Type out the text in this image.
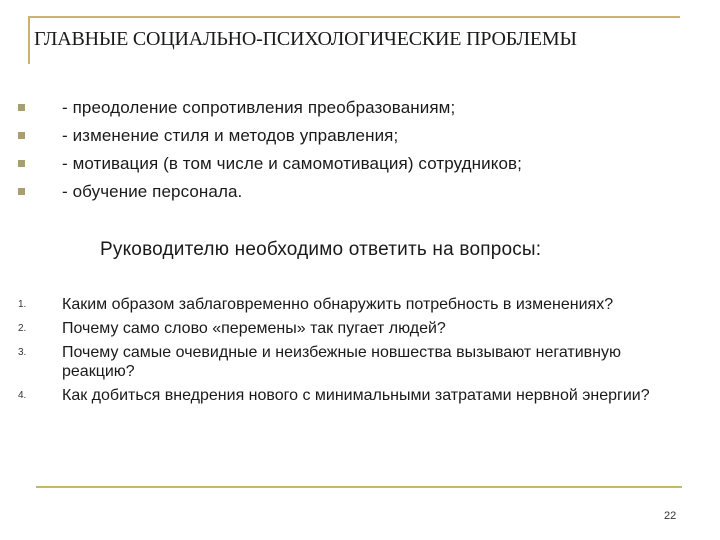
ГЛАВНЫЕ СОЦИАЛЬНО-ПСИХОЛОГИЧЕСКИЕ ПРОБЛЕМЫ
- преодоление сопротивления преобразованиям;
- изменение стиля и методов управления;
- мотивация (в том числе и самомотивация) сотрудников;
- обучение персонала.
Руководителю необходимо ответить на вопросы:
1. Каким образом заблаговременно обнаружить потребность в изменениях?
2. Почему само слово «перемены» так пугает людей?
3. Почему самые очевидные и неизбежные новшества вызывают негативную реакцию?
4. Как добиться внедрения нового с минимальными затратами нервной энергии?
22
